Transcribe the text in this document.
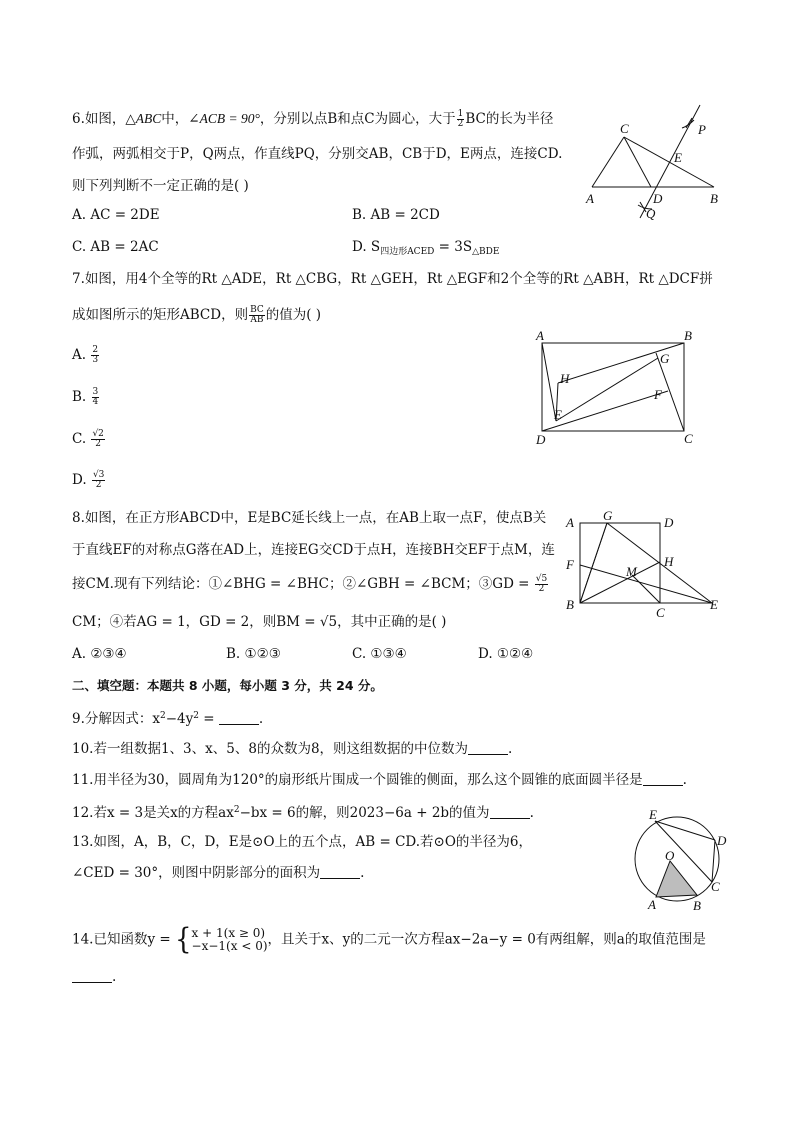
6.如图，△ABC中，∠ACB = 90°，分别以点B和点C为圆心，大于 $\frac{1}{2}$ BC的长为半径
作弧，两弧相交于P，Q两点，作直线PQ，分别交AB，CB于D，E两点，连接CD.
则下列判断不一定正确的是( )
A. AC = 2DE	B. AB = 2CD
C. AB = 2AC	D. $S_{四边形ACED} = 3S_{\triangle BDE}$
C	P
E
A	D	B
Q
7.如图，用4个全等的Rt △ADE，Rt △CBG，Rt △GEH，Rt △EGF和2个全等的Rt △ABH，Rt △DCF拼
成如图所示的矩形ABCD，则 $\frac{BC}{AB}$ 的值为( )
A. $\frac{2}{3}$
B. $\frac{3}{4}$
C. $\frac{√2}{2}$
D. $\frac{√3}{2}$
A	B
G
H
F
E
D	C
8.如图，在正方形ABCD中，E是BC延长线上一点，在AB上取一点F，使点B关
于直线EF的对称点G落在AD上，连接EG交CD于点H，连接BH交EF于点M，连
接CM.现有下列结论：①∠BHG = ∠BHC；②∠GBH = ∠BCM；③GD = $\frac{√5}{2}$
CM；④若AG = 1，GD = 2，则BM = √5，其中正确的是( )
A. ②③④	B. ①②③	C. ①③④	D. ①②④
A G	D
F	H
M
B
C
E
二、填空题：本题共 8 小题，每小题 3 分，共 24 分。
9.分解因式：$x^2-4y^2$ =	.
10.若一组数据1、3、x、5、8的众数为8，则这组数据的中位数为	.
11.用半径为30，圆周角为120°的扇形纸片围成一个圆锥的侧面，那么这个圆锥的底面圆半径是	.
12.若x = 3是关x的方程$ax^2-bx = 6$的解，则2023−6a + 2b的值为	.
13.如图，A，B，C，D，E是⊙O上的五个点，AB = CD.若⊙O的半径为6，
∠CED = 30°，则图中阴影部分的面积为	.
E
D
O
C
A	B
14.已知函数y = { x + 1(x ≥ 0)
−x−1(x < 0) ，且关于x、y的二元一次方程ax−2a−y = 0有两组解，则a的取值范围是
.
